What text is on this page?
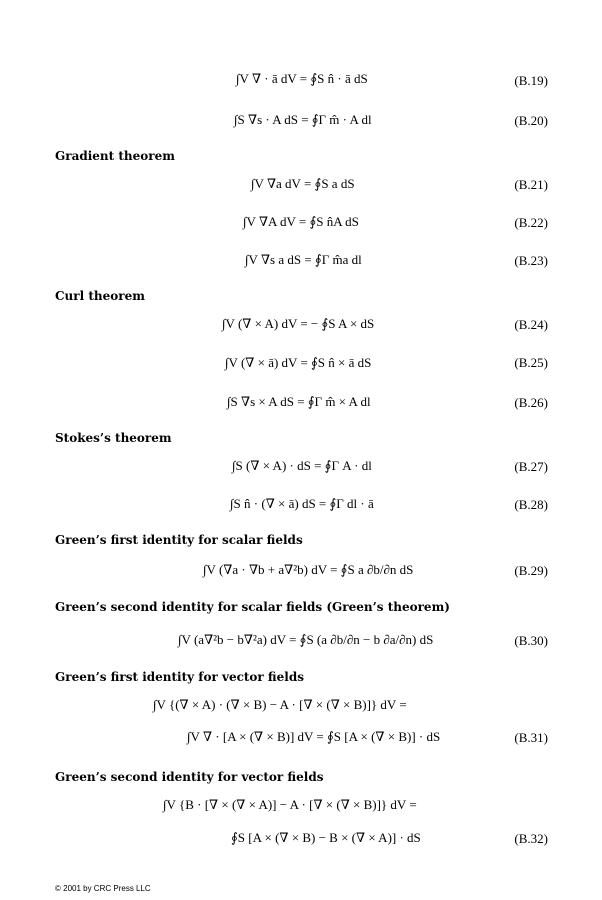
∫V ∇ · ā dV = ∮S n̂ · ā dS	(B.19)
∫S ∇s · A dS = ∮Γ m̂ · A dl	(B.20)
Gradient theorem
∫V ∇a dV = ∮S a dS	(B.21)
∫V ∇A dV = ∮S n̂A dS	(B.22)
∫V ∇s a dS = ∮Γ m̂a dl	(B.23)
Curl theorem
∫V (∇ × A) dV = − ∮S A × dS	(B.24)
∫V (∇ × ā) dV = ∮S n̂ × ā dS	(B.25)
∫S ∇s × A dS = ∮Γ m̂ × A dl	(B.26)
Stokes’s theorem
∫S (∇ × A) · dS = ∮Γ A · dl	(B.27)
∫S n̂ · (∇ × ā) dS = ∮Γ dl · ā	(B.28)
Green’s first identity for scalar fields
∫V (∇a · ∇b + a∇²b) dV = ∮S a ∂b/∂n dS	(B.29)
Green’s second identity for scalar fields (Green’s theorem)
∫V (a∇²b − b∇²a) dV = ∮S (a ∂b/∂n − b ∂a/∂n) dS	(B.30)
Green’s first identity for vector fields
∫V {(∇ × A) · (∇ × B) − A · [∇ × (∇ × B)]} dV =
∫V ∇ · [A × (∇ × B)] dV = ∮S [A × (∇ × B)] · dS	(B.31)
Green’s second identity for vector fields
∫V {B · [∇ × (∇ × A)] − A · [∇ × (∇ × B)]} dV =
∮S [A × (∇ × B) − B × (∇ × A)] · dS	(B.32)
© 2001 by CRC Press LLC
